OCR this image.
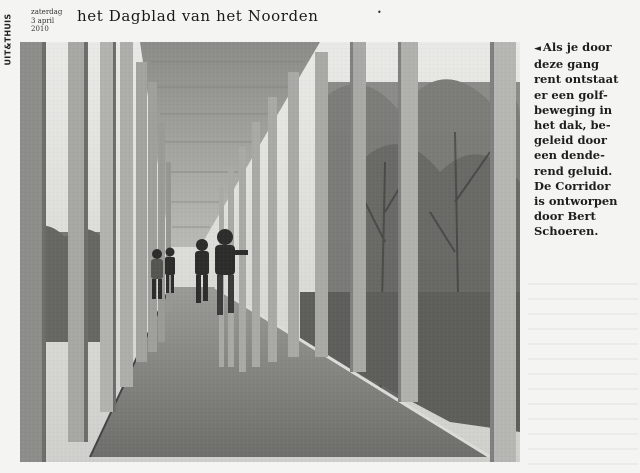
UIT&THUIS
zaterdag
3 april
2010
het Dagblad van het Noorden	•
◄ Als je door
deze gang
rent ontstaat
er een golf-
beweging in
het dak, be-
geleid door
een dende-
rend geluid.
De Corridor
is ontworpen
door Bert
Schoeren.
